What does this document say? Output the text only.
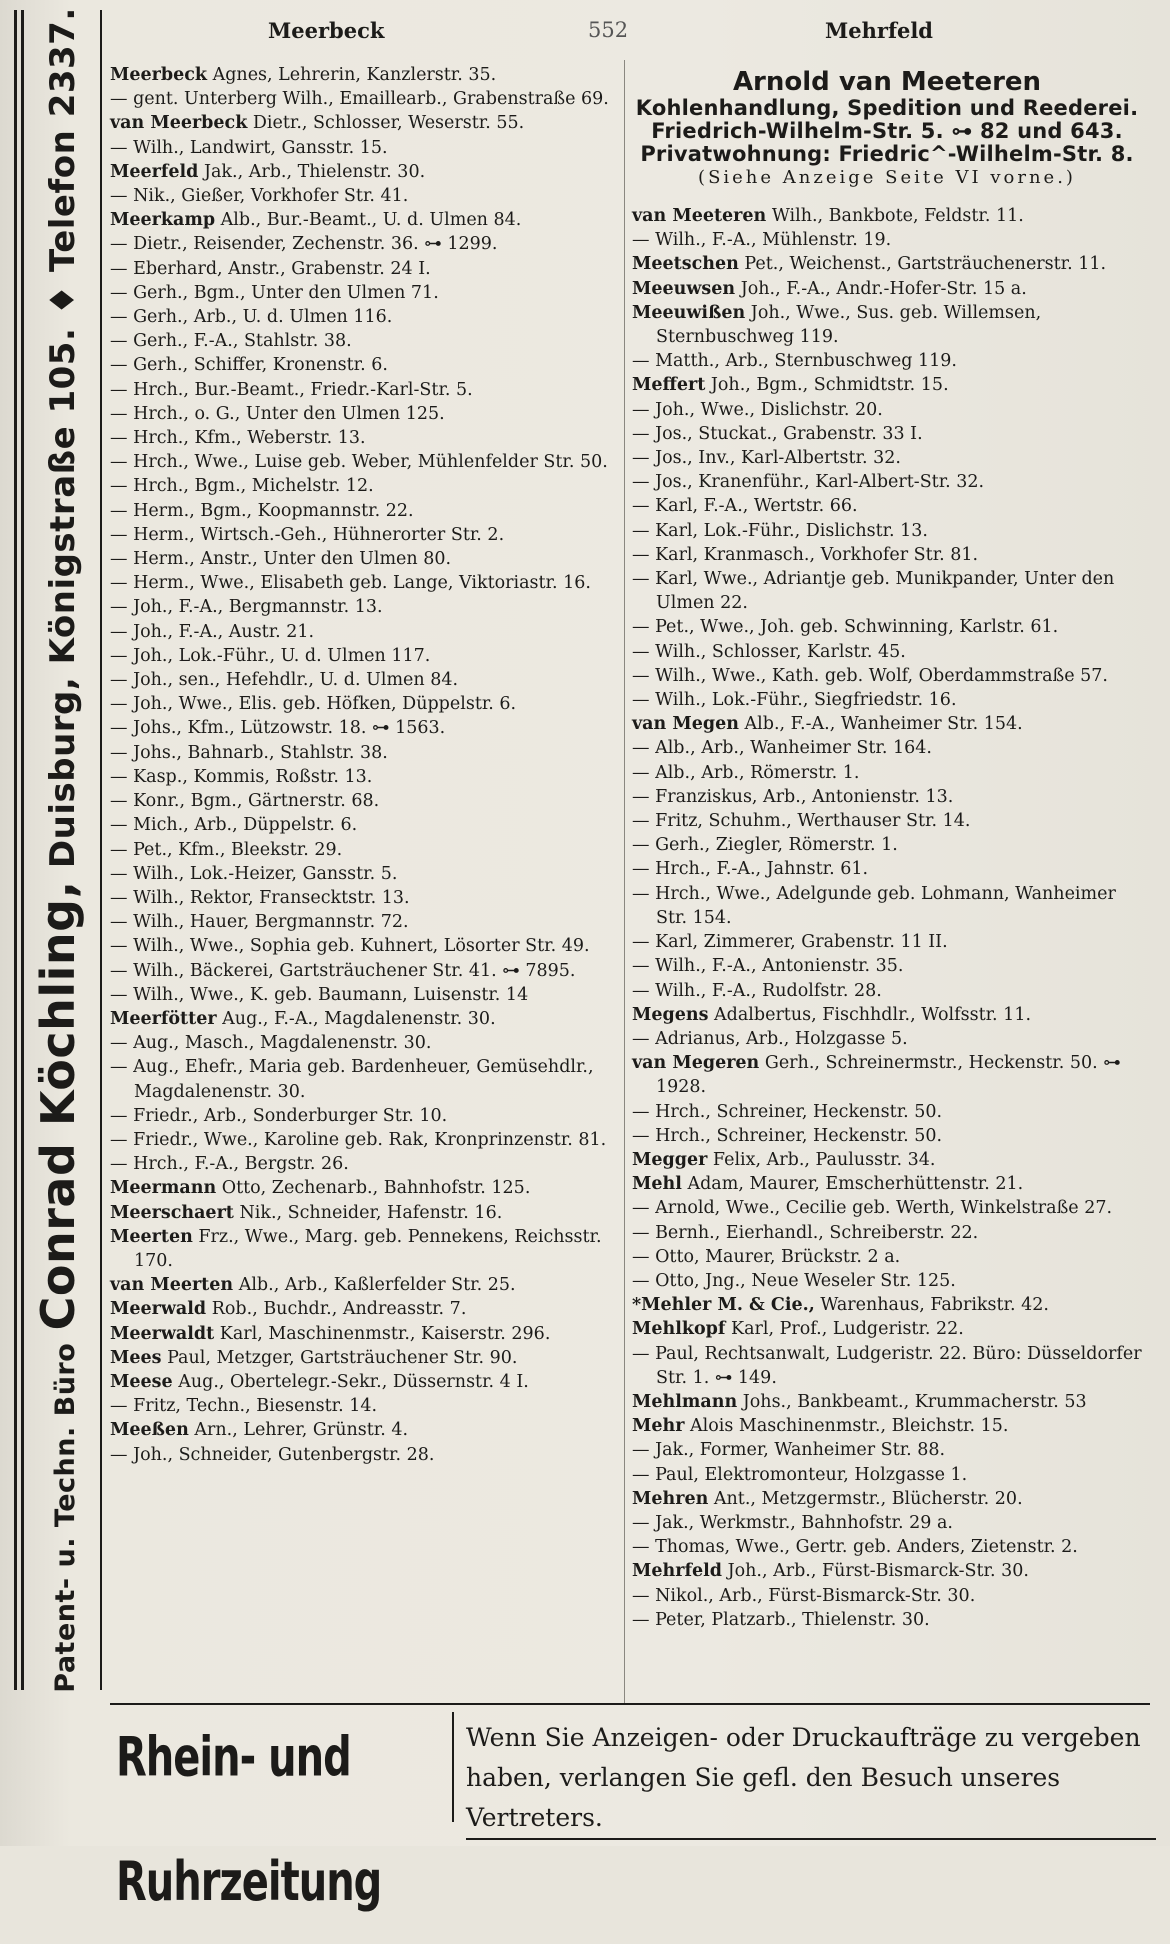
Patent- u. Techn. Büro Conrad Köchling, Duisburg, Königstraße 105. ♦ Telefon 2337.	Meerbeck	552	Mehrfeld
Meerbeck Agnes, Lehrerin, Kanzlerstr. 35.
— gent. Unterberg Wilh., Emaillearb., Grabenstraße 69.
van Meerbeck Dietr., Schlosser, Weserstr. 55.
— Wilh., Landwirt, Gansstr. 15.
Meerfeld Jak., Arb., Thielenstr. 30.
— Nik., Gießer, Vorkhofer Str. 41.
Meerkamp Alb., Bur.-Beamt., U. d. Ulmen 84.
— Dietr., Reisender, Zechenstr. 36. ⊶ 1299.
— Eberhard, Anstr., Grabenstr. 24 I.
— Gerh., Bgm., Unter den Ulmen 71.
— Gerh., Arb., U. d. Ulmen 116.
— Gerh., F.-A., Stahlstr. 38.
— Gerh., Schiffer, Kronenstr. 6.
— Hrch., Bur.-Beamt., Friedr.-Karl-Str. 5.
— Hrch., o. G., Unter den Ulmen 125.
— Hrch., Kfm., Weberstr. 13.
— Hrch., Wwe., Luise geb. Weber, Mühlenfelder Str. 50.
— Hrch., Bgm., Michelstr. 12.
— Herm., Bgm., Koopmannstr. 22.
— Herm., Wirtsch.-Geh., Hühnerorter Str. 2.
— Herm., Anstr., Unter den Ulmen 80.
— Herm., Wwe., Elisabeth geb. Lange, Viktoriastr. 16.
— Joh., F.-A., Bergmannstr. 13.
— Joh., F.-A., Austr. 21.
— Joh., Lok.-Führ., U. d. Ulmen 117.
— Joh., sen., Hefehdlr., U. d. Ulmen 84.
— Joh., Wwe., Elis. geb. Höfken, Düppelstr. 6.
— Johs., Kfm., Lützowstr. 18. ⊶ 1563.
— Johs., Bahnarb., Stahlstr. 38.
— Kasp., Kommis, Roßstr. 13.
— Konr., Bgm., Gärtnerstr. 68.
— Mich., Arb., Düppelstr. 6.
— Pet., Kfm., Bleekstr. 29.
— Wilh., Lok.-Heizer, Gansstr. 5.
— Wilh., Rektor, Fransecktstr. 13.
— Wilh., Hauer, Bergmannstr. 72.
— Wilh., Wwe., Sophia geb. Kuhnert, Lösorter Str. 49.
— Wilh., Bäckerei, Gartsträuchener Str. 41. ⊶ 7895.
— Wilh., Wwe., K. geb. Baumann, Luisenstr. 14
Meerfötter Aug., F.-A., Magdalenenstr. 30.
— Aug., Masch., Magdalenenstr. 30.
— Aug., Ehefr., Maria geb. Bardenheuer, Gemüsehdlr., Magdalenenstr. 30.
— Friedr., Arb., Sonderburger Str. 10.
— Friedr., Wwe., Karoline geb. Rak, Kronprinzenstr. 81.
— Hrch., F.-A., Bergstr. 26.
Meermann Otto, Zechenarb., Bahnhofstr. 125.
Meerschaert Nik., Schneider, Hafenstr. 16.
Meerten Frz., Wwe., Marg. geb. Pennekens, Reichsstr. 170.
van Meerten Alb., Arb., Kaßlerfelder Str. 25.
Meerwald Rob., Buchdr., Andreasstr. 7.
Meerwaldt Karl, Maschinenmstr., Kaiserstr. 296.
Mees Paul, Metzger, Gartsträuchener Str. 90.
Meese Aug., Obertelegr.-Sekr., Düssernstr. 4 I.
— Fritz, Techn., Biesenstr. 14.
Meeßen Arn., Lehrer, Grünstr. 4.
— Joh., Schneider, Gutenbergstr. 28.
Arnold van Meeteren
Kohlenhandlung, Spedition und Reederei.
Friedrich-Wilhelm-Str. 5. ⊶ 82 und 643.
Privatwohnung: Friedric^-Wilhelm-Str. 8.
(Siehe Anzeige Seite VI vorne.)
van Meeteren Wilh., Bankbote, Feldstr. 11.
— Wilh., F.-A., Mühlenstr. 19.
Meetschen Pet., Weichenst., Gartsträuchenerstr. 11.
Meeuwsen Joh., F.-A., Andr.-Hofer-Str. 15 a.
Meeuwißen Joh., Wwe., Sus. geb. Willemsen, Sternbuschweg 119.
— Matth., Arb., Sternbuschweg 119.
Meffert Joh., Bgm., Schmidtstr. 15.
— Joh., Wwe., Dislichstr. 20.
— Jos., Stuckat., Grabenstr. 33 I.
— Jos., Inv., Karl-Albertstr. 32.
— Jos., Kranenführ., Karl-Albert-Str. 32.
— Karl, F.-A., Wertstr. 66.
— Karl, Lok.-Führ., Dislichstr. 13.
— Karl, Kranmasch., Vorkhofer Str. 81.
— Karl, Wwe., Adriantje geb. Munikpander, Unter den Ulmen 22.
— Pet., Wwe., Joh. geb. Schwinning, Karlstr. 61.
— Wilh., Schlosser, Karlstr. 45.
— Wilh., Wwe., Kath. geb. Wolf, Oberdammstraße 57.
— Wilh., Lok.-Führ., Siegfriedstr. 16.
van Megen Alb., F.-A., Wanheimer Str. 154.
— Alb., Arb., Wanheimer Str. 164.
— Alb., Arb., Römerstr. 1.
— Franziskus, Arb., Antonienstr. 13.
— Fritz, Schuhm., Werthauser Str. 14.
— Gerh., Ziegler, Römerstr. 1.
— Hrch., F.-A., Jahnstr. 61.
— Hrch., Wwe., Adelgunde geb. Lohmann, Wanheimer Str. 154.
— Karl, Zimmerer, Grabenstr. 11 II.
— Wilh., F.-A., Antonienstr. 35.
— Wilh., F.-A., Rudolfstr. 28.
Megens Adalbertus, Fischhdlr., Wolfsstr. 11.
— Adrianus, Arb., Holzgasse 5.
van Megeren Gerh., Schreinermstr., Heckenstr. 50. ⊶ 1928.
— Hrch., Schreiner, Heckenstr. 50.
— Hrch., Schreiner, Heckenstr. 50.
Megger Felix, Arb., Paulusstr. 34.
Mehl Adam, Maurer, Emscherhüttenstr. 21.
— Arnold, Wwe., Cecilie geb. Werth, Winkelstraße 27.
— Bernh., Eierhandl., Schreiberstr. 22.
— Otto, Maurer, Brückstr. 2 a.
— Otto, Jng., Neue Weseler Str. 125.
*Mehler M. & Cie., Warenhaus, Fabrikstr. 42.
Mehlkopf Karl, Prof., Ludgeristr. 22.
— Paul, Rechtsanwalt, Ludgeristr. 22. Büro: Düsseldorfer Str. 1. ⊶ 149.
Mehlmann Johs., Bankbeamt., Krummacherstr. 53
Mehr Alois Maschinenmstr., Bleichstr. 15.
— Jak., Former, Wanheimer Str. 88.
— Paul, Elektromonteur, Holzgasse 1.
Mehren Ant., Metzgermstr., Blücherstr. 20.
— Jak., Werkmstr., Bahnhofstr. 29 a.
— Thomas, Wwe., Gertr. geb. Anders, Zietenstr. 2.
Mehrfeld Joh., Arb., Fürst-Bismarck-Str. 30.
— Nikol., Arb., Fürst-Bismarck-Str. 30.
— Peter, Platzarb., Thielenstr. 30.
Rhein- und Ruhrzeitung
Wenn Sie Anzeigen- oder Druckaufträge zu vergeben
haben, verlangen Sie gefl. den Besuch unseres Vertreters.
